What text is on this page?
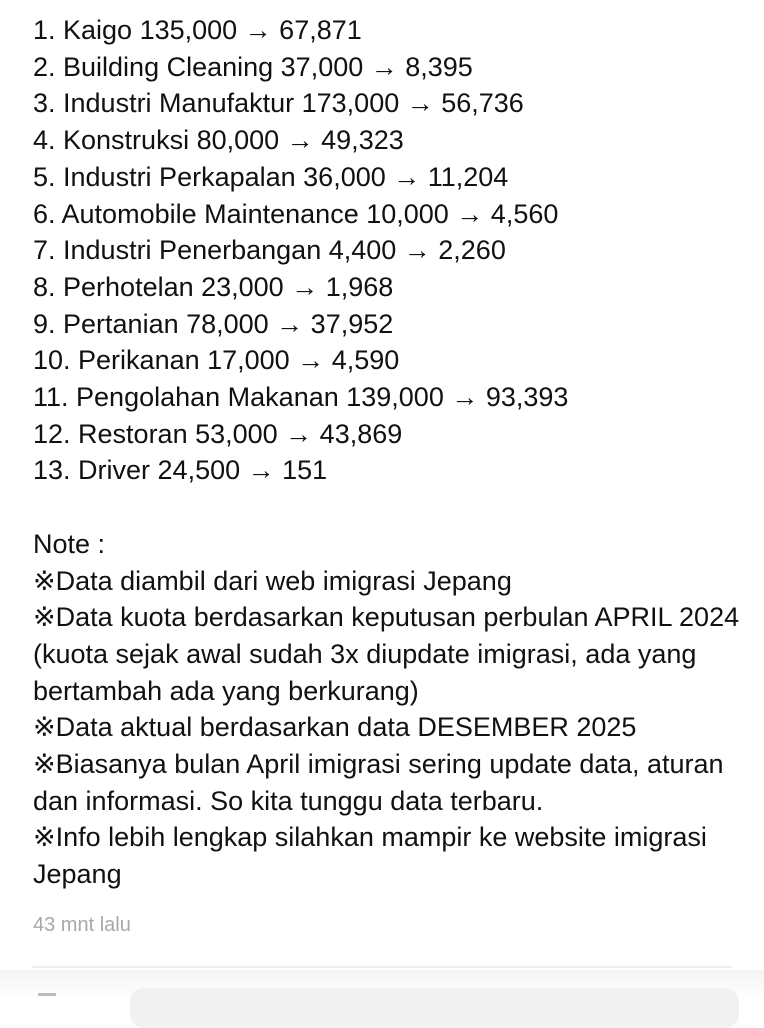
1. Kaigo 135,000 → 67,871
2. Building Cleaning 37,000 → 8,395
3. Industri Manufaktur 173,000 → 56,736
4. Konstruksi 80,000 → 49,323
5. Industri Perkapalan 36,000 → 11,204
6. Automobile Maintenance 10,000 → 4,560
7. Industri Penerbangan 4,400 → 2,260
8. Perhotelan 23,000 → 1,968
9. Pertanian 78,000 → 37,952
10. Perikanan 17,000 → 4,590
11. Pengolahan Makanan 139,000 → 93,393
12. Restoran 53,000 → 43,869
13. Driver 24,500 → 151
Note :
※Data diambil dari web imigrasi Jepang
※Data kuota berdasarkan keputusan perbulan APRIL 2024 (kuota sejak awal sudah 3x diupdate imigrasi, ada yang bertambah ada yang berkurang)
※Data aktual berdasarkan data DESEMBER 2025
※Biasanya bulan April imigrasi sering update data, aturan dan informasi. So kita tunggu data terbaru.
※Info lebih lengkap silahkan mampir ke website imigrasi Jepang
43 mnt lalu
